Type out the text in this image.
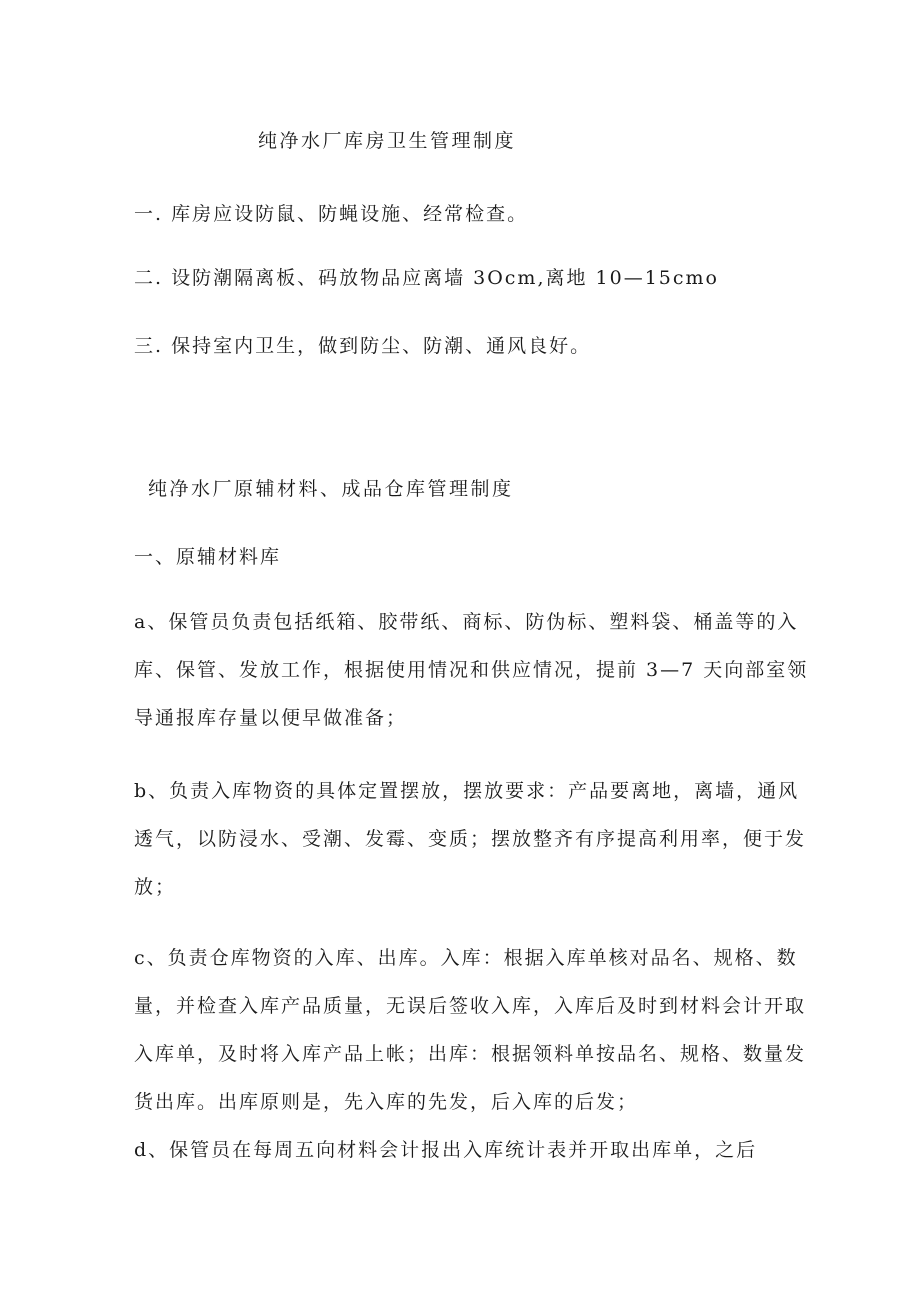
纯净水厂库房卫生管理制度
一. 库房应设防鼠、防蝇设施、经常检查。
二. 设防潮隔离板、码放物品应离墙 3Ocm,离地 10—15cmo
三. 保持室内卫生，做到防尘、防潮、通风良好。
纯净水厂原辅材料、成品仓库管理制度
一、原辅材料库
a、保管员负责包括纸箱、胶带纸、商标、防伪标、塑料袋、桶盖等的入
库、保管、发放工作，根据使用情况和供应情况，提前 3—7 天向部室领
导通报库存量以便早做准备；
b、负责入库物资的具体定置摆放，摆放要求：产品要离地，离墙，通风
透气，以防浸水、受潮、发霉、变质；摆放整齐有序提高利用率，便于发
放；
c、负责仓库物资的入库、出库。入库：根据入库单核对品名、规格、数
量，并检查入库产品质量，无误后签收入库，入库后及时到材料会计开取
入库单，及时将入库产品上帐；出库：根据领料单按品名、规格、数量发
货出库。出库原则是，先入库的先发，后入库的后发；
d、保管员在每周五向材料会计报出入库统计表并开取出库单，之后
